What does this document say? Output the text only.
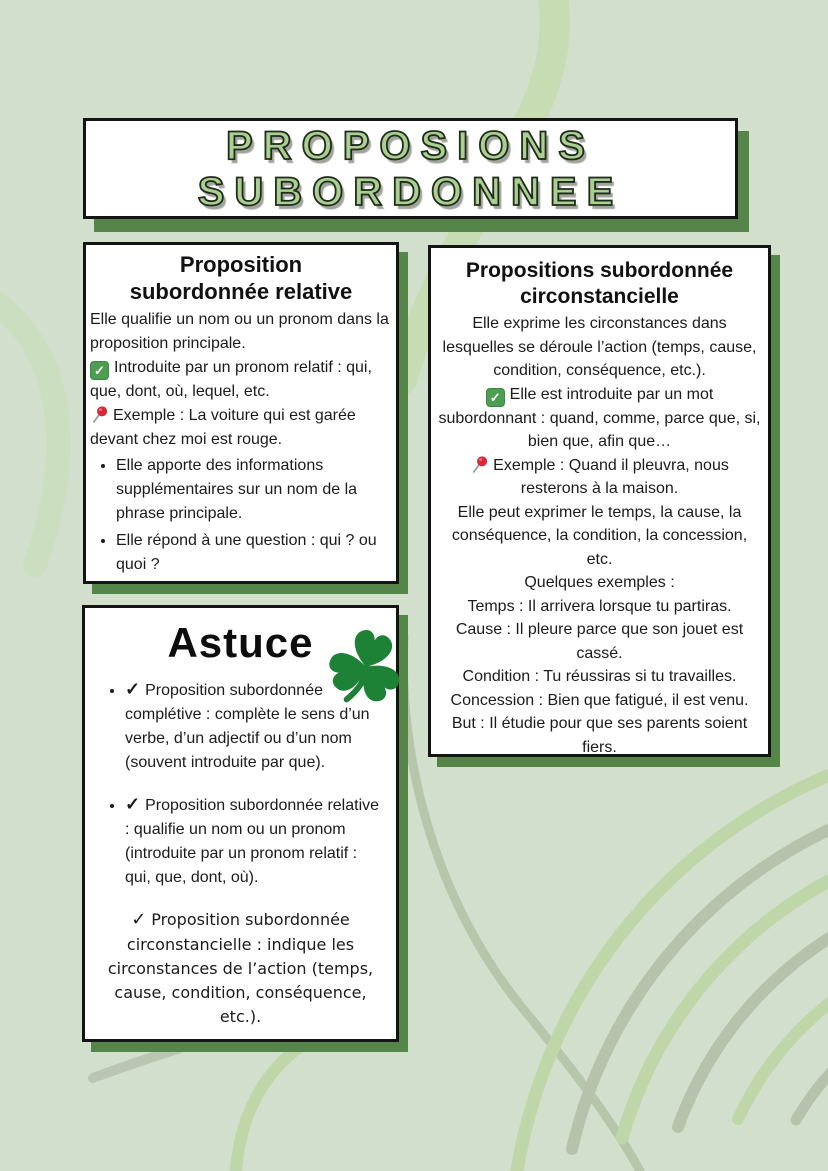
PROPOSIONS
SUBORDONNEE
Proposition
subordonnée relative

Elle qualifie un nom ou un pronom dans la proposition principale.

✓ Introduite par un pronom relatif : qui, que, dont, où, lequel, etc.

Exemple : La voiture qui est garée devant chez moi est rouge.

• Elle apporte des informations supplémentaires sur un nom de la phrase principale.
• Elle répond à une question : qui ? ou quoi ?
Propositions subordonnée
circonstancielle

Elle exprime les circonstances dans lesquelles se déroule l’action (temps, cause, condition, conséquence, etc.).

✓ Elle est introduite par un mot subordonnant : quand, comme, parce que, si, bien que, afin que…

Exemple : Quand il pleuvra, nous resterons à la maison.

Elle peut exprimer le temps, la cause, la conséquence, la condition, la concession, etc.

Quelques exemples :

Temps : Il arrivera lorsque tu partiras.

Cause : Il pleure parce que son jouet est cassé.

Condition : Tu réussiras si tu travailles.

Concession : Bien que fatigué, il est venu.

But : Il étudie pour que ses parents soient fiers.

Astuce
• ✓ Proposition subordonnée complétive : complète le sens d’un verbe, d’un adjectif ou d’un nom (souvent introduite par que).
• ✓ Proposition subordonnée relative : qualifie un nom ou un pronom (introduite par un pronom relatif : qui, que, dont, où).

✓ Proposition subordonnée circonstancielle : indique les circonstances de l’action (temps, cause, condition, conséquence, etc.).
